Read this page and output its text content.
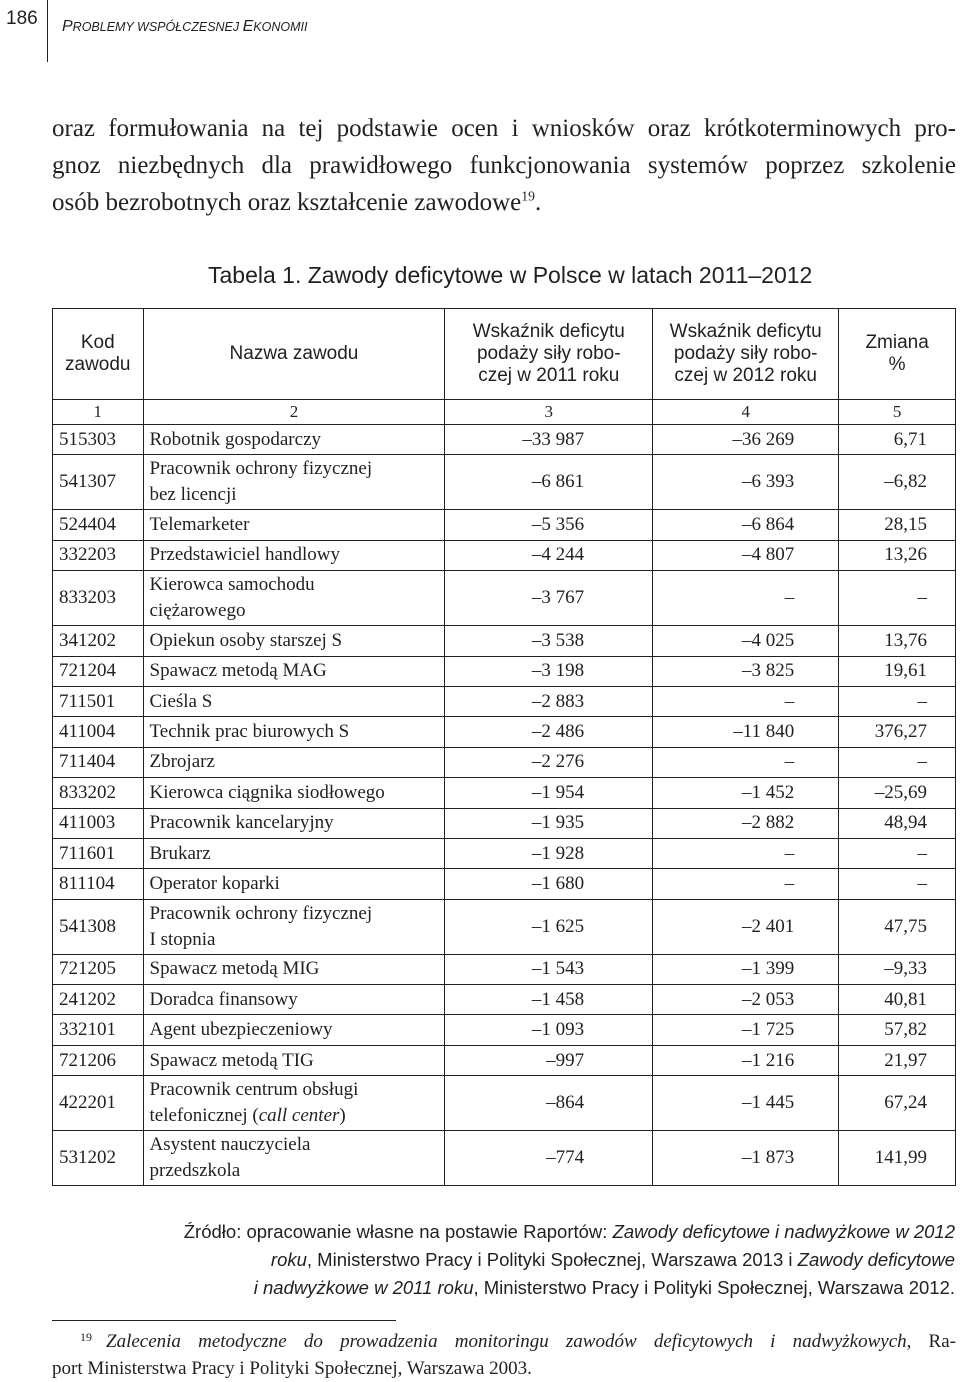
186	PROBLEMY WSPÓŁCZESNEJ EKONOMII

oraz formułowania na tej podstawie ocen i wniosków oraz krótkoterminowych pro-
gnoz niezbędnych dla prawidłowego funkcjonowania systemów poprzez szkolenie
osób bezrobotnych oraz kształcenie zawodowe$^{19}$.

Tabela 1. Zawody deficytowe w Polsce w latach 2011–2012
Kod
zawodu	Nazwa zawodu	Wskaźnik deficytu
podaży siły robo-
czej w 2011 roku	Wskaźnik deficytu
podaży siły robo-
czej w 2012 roku	Zmiana
%
1	2	3	4	5
515303	Robotnik gospodarczy	–33 987	–36 269	6,71
541307	Pracownik ochrony fizycznej
bez licencji	–6 861	–6 393	–6,82
524404	Telemarketer	–5 356	–6 864	28,15
332203	Przedstawiciel handlowy	–4 244	–4 807	13,26
833203	Kierowca samochodu
ciężarowego	–3 767	–	–
341202	Opiekun osoby starszej S	–3 538	–4 025	13,76
721204	Spawacz metodą MAG	–3 198	–3 825	19,61
711501	Cieśla S	–2 883	–	–
411004	Technik prac biurowych S	–2 486	–11 840	376,27
711404	Zbrojarz	–2 276	–	–
833202	Kierowca ciągnika siodłowego	–1 954	–1 452	–25,69
411003	Pracownik kancelaryjny	–1 935	–2 882	48,94
711601	Brukarz	–1 928	–	–
811104	Operator koparki	–1 680	–	–
541308	Pracownik ochrony fizycznej
I stopnia	–1 625	–2 401	47,75
721205	Spawacz metodą MIG	–1 543	–1 399	–9,33
241202	Doradca finansowy	–1 458	–2 053	40,81
332101	Agent ubezpieczeniowy	–1 093	–1 725	57,82
721206	Spawacz metodą TIG	–997	–1 216	21,97
422201	Pracownik centrum obsługi
telefonicznej (call center)	–864	–1 445	67,24
531202	Asystent nauczyciela
przedszkola	–774	–1 873	141,99
Źródło: opracowanie własne na postawie Raportów: Zawody deficytowe i nadwyżkowe w 2012
roku, Ministerstwo Pracy i Polityki Społecznej, Warszawa 2013 i Zawody deficytowe
i nadwyżkowe w 2011 roku, Ministerstwo Pracy i Polityki Społecznej, Warszawa 2012.

$^{19}$ Zalecenia metodyczne do prowadzenia monitoringu zawodów deficytowych i nadwyżkowych, Ra-
port Ministerstwa Pracy i Polityki Społecznej, Warszawa 2003.
